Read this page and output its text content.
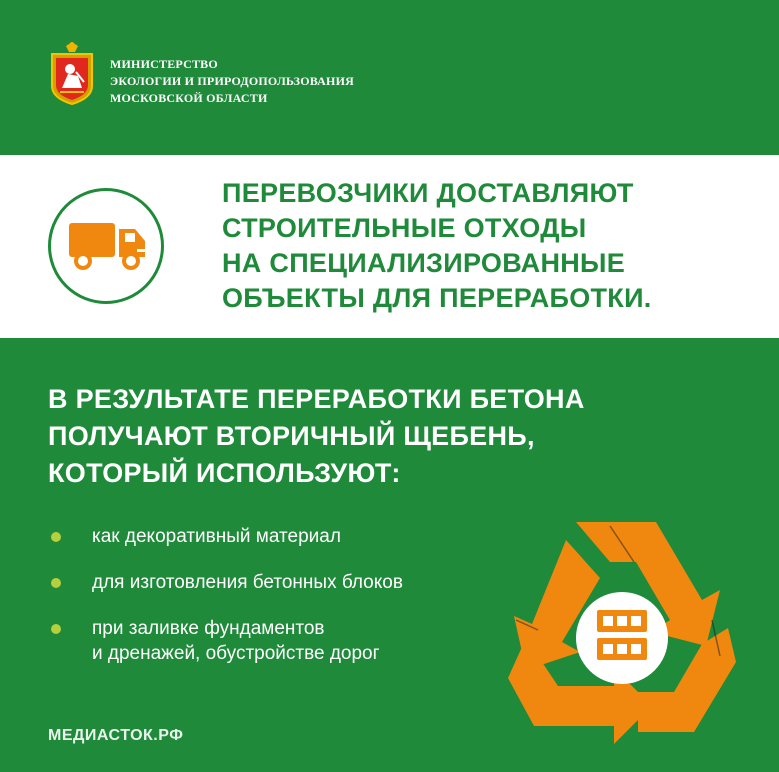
МИНИСТЕРСТВО
ЭКОЛОГИИ И ПРИРОДОПОЛЬЗОВАНИЯ
МОСКОВСКОЙ ОБЛАСТИ
ПЕРЕВОЗЧИКИ ДОСТАВЛЯЮТ
СТРОИТЕЛЬНЫЕ ОТХОДЫ
НА СПЕЦИАЛИЗИРОВАННЫЕ
ОБЪЕКТЫ ДЛЯ ПЕРЕРАБОТКИ.
В РЕЗУЛЬТАТЕ ПЕРЕРАБОТКИ БЕТОНА
ПОЛУЧАЮТ ВТОРИЧНЫЙ ЩЕБЕНЬ,
КОТОРЫЙ ИСПОЛЬЗУЮТ:
как декоративный материал
для изготовления бетонных блоков
при заливке фундаментов
и дренажей, обустройстве дорог
МЕДИАСТОК.РФ
